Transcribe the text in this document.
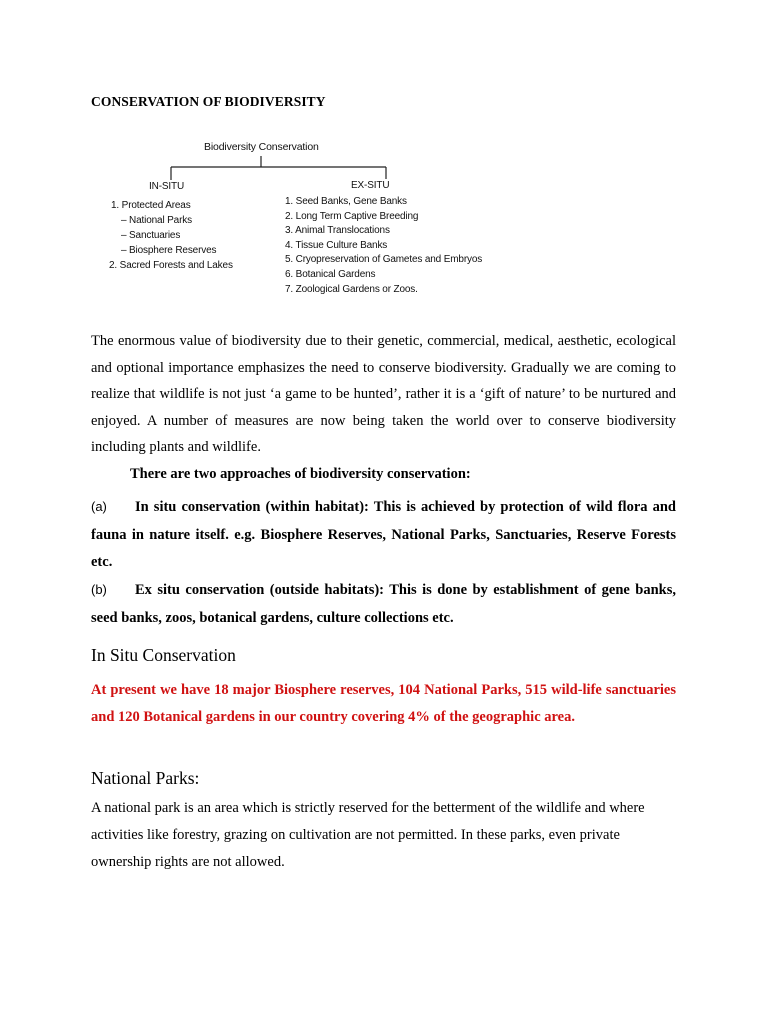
CONSERVATION OF BIODIVERSITY
Biodiversity Conservation
IN-SITU	EX-SITU
1. Protected Areas
– National Parks
– Sanctuaries
– Biosphere Reserves
2. Sacred Forests and Lakes
1. Seed Banks, Gene Banks
2. Long Term Captive Breeding
3. Animal Translocations
4. Tissue Culture Banks
5. Cryopreservation of Gametes and Embryos
6. Botanical Gardens
7. Zoological Gardens or Zoos.
The enormous value of biodiversity due to their genetic, commercial, medical, aesthetic, ecological and optional importance emphasizes the need to conserve biodiversity. Gradually we are coming to realize that wildlife is not just ‘a game to be hunted’, rather it is a ‘gift of nature’ to be nurtured and enjoyed. A number of measures are now being taken the world over to conserve biodiversity including plants and wildlife.
There are two approaches of biodiversity conservation:
(a) In situ conservation (within habitat): This is achieved by protection of wild flora and fauna in nature itself. e.g. Biosphere Reserves, National Parks, Sanctuaries, Reserve Forests etc.
(b) Ex situ conservation (outside habitats): This is done by establishment of gene banks, seed banks, zoos, botanical gardens, culture collections etc.
In Situ Conservation
At present we have 18 major Biosphere reserves, 104 National Parks, 515 wild-life sanctuaries and 120 Botanical gardens in our country covering 4% of the geographic area.
National Parks:
A national park is an area which is strictly reserved for the betterment of the wildlife and where
activities like forestry, grazing on cultivation are not permitted. In these parks, even private
ownership rights are not allowed.
